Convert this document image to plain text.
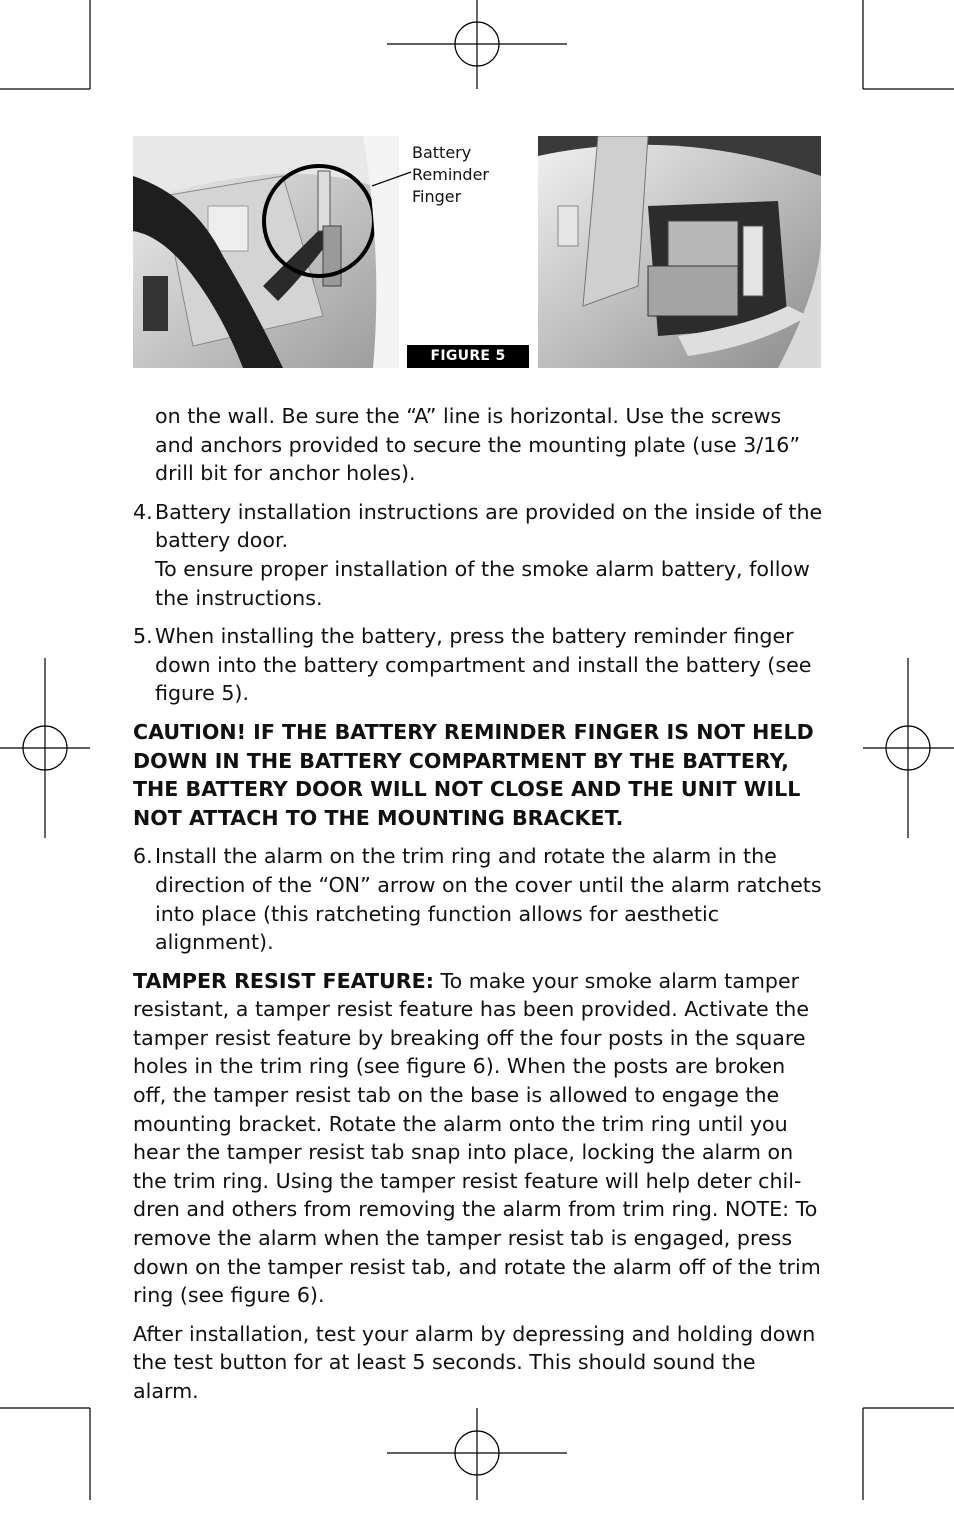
Battery
Reminder
Finger
FIGURE 5

on the wall. Be sure the “A” line is horizontal. Use the screws and anchors provided to secure the mounting plate (use 3/16” drill bit for anchor holes).

4. Battery installation instructions are provided on the inside of the battery door.
To ensure proper installation of the smoke alarm battery, follow the instructions.
5. When installing the battery, press the battery reminder finger down into the battery compartment and install the battery (see figure 5).

CAUTION! IF THE BATTERY REMINDER FINGER IS NOT HELD DOWN IN THE BATTERY COMPARTMENT BY THE BATTERY, THE BATTERY DOOR WILL NOT CLOSE AND THE UNIT WILL NOT ATTACH TO THE MOUNTING BRACKET.

6. Install the alarm on the trim ring and rotate the alarm in the direction of the “ON” arrow on the cover until the alarm ratchets into place (this ratcheting function allows for aesthetic alignment).

TAMPER RESIST FEATURE: To make your smoke alarm tamper resistant, a tamper resist feature has been provided. Activate the tamper resist feature by breaking off the four posts in the square holes in the trim ring (see figure 6). When the posts are broken off, the tamper resist tab on the base is allowed to engage the mounting bracket. Rotate the alarm onto the trim ring until you hear the tamper resist tab snap into place, locking the alarm on the trim ring. Using the tamper resist feature will help deter children and others from removing the alarm from trim ring. NOTE: To remove the alarm when the tamper resist tab is engaged, press down on the tamper resist tab, and rotate the alarm off of the trim ring (see figure 6).

After installation, test your alarm by depressing and holding down the test button for at least 5 seconds. This should sound the alarm.
